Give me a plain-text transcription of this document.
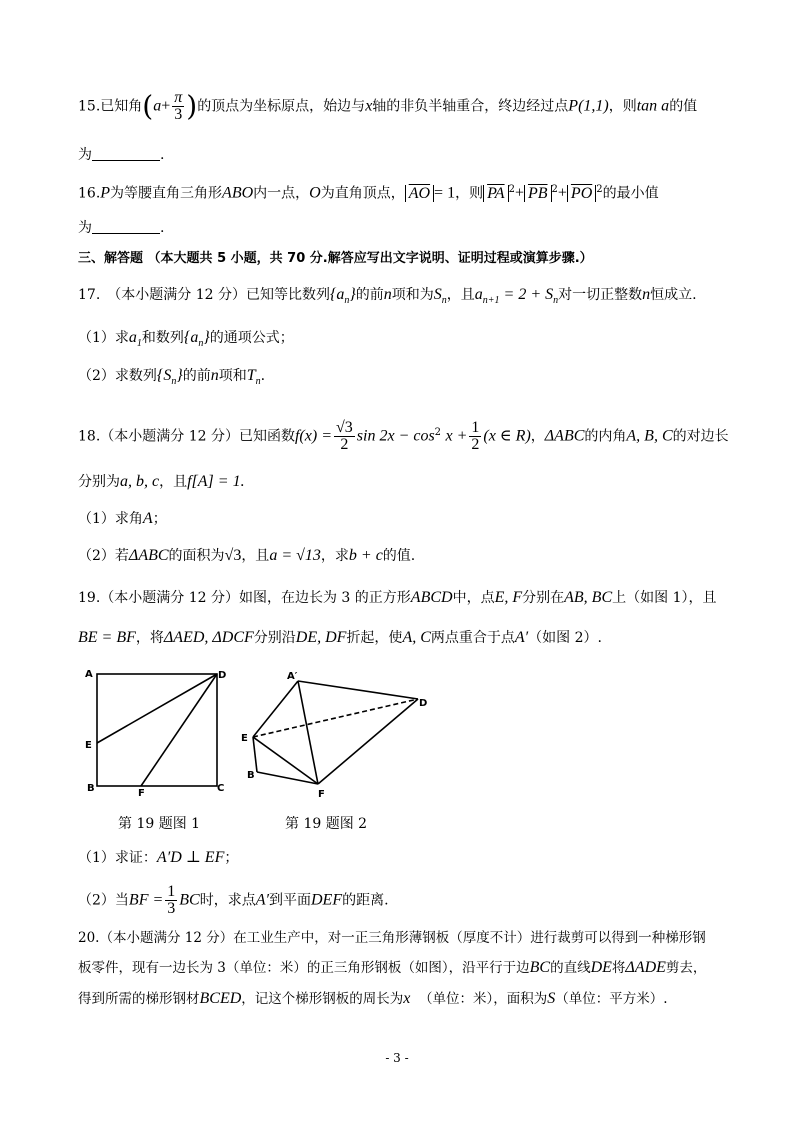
15.已知角($a+ \frac{\pi}{3}$ )的顶点为坐标原点，始边与x轴的非负半轴重合，终边经过点P(1,1)，则tan a的值
为	.
16.P为等腰直角三角形ABO内一点，O为直角顶点， $\overline{AO} = 1$，则 $\overline{PA}$ $^2+ \overline{PB}$ $^2+ \overline{PO}$ $^2$的最小值
为	.
三、解答题 （本大题共 5 小题，共 70 分.解答应写出文字说明、证明过程或演算步骤.）
17.　（本小题满分 12 分）已知等比数列$\{a_n\}$的前n项和为$S_n$，且$a_{n+1} = 2 + S_n$对一切正整数n恒成立.
（1）求$a_1$和数列$\{a_n\}$的通项公式；
（2）求数列$\{S_n\}$的前n项和$T_n$.
18.（本小题满分 12 分）已知函数$f(x) = \frac{√3}{2}$ $\sin 2x - \cos^2 x + \frac{1}{2} (x$ ∈ R)，ΔABC的内角A, B, C的对边长
分别为a, b, c，且f[A] = 1.
（1）求角A；
（2）若ΔABC的面积为√3，且a = √13，求b + c的值.
19.（本小题满分 12 分）如图，在边长为 3 的正方形ABCD中，点E, F分别在AB, BC上（如图 1），且
BE = BF，将ΔAED, ΔDCF分别沿DE, DF折起，使A, C两点重合于点A′（如图 2）.
A	D
E
B	F	C
A′
D
E
B
F
第 19 题图 1	第 19 题图 2
（1）求证：A′D ⊥ EF；
（2）当BF = $\frac{1}{3}$ BC时，求点A′到平面DEF的距离.
20.（本小题满分 12 分）在工业生产中，对一正三角形薄钢板（厚度不计）进行裁剪可以得到一种梯形钢
板零件，现有一边长为 3（单位：米）的正三角形钢板（如图），沿平行于边BC的直线DE将ΔADE剪去，
得到所需的梯形钢材BCED，记这个梯形钢板的周长为x （单位：米），面积为S（单位：平方米）.
- 3 -
